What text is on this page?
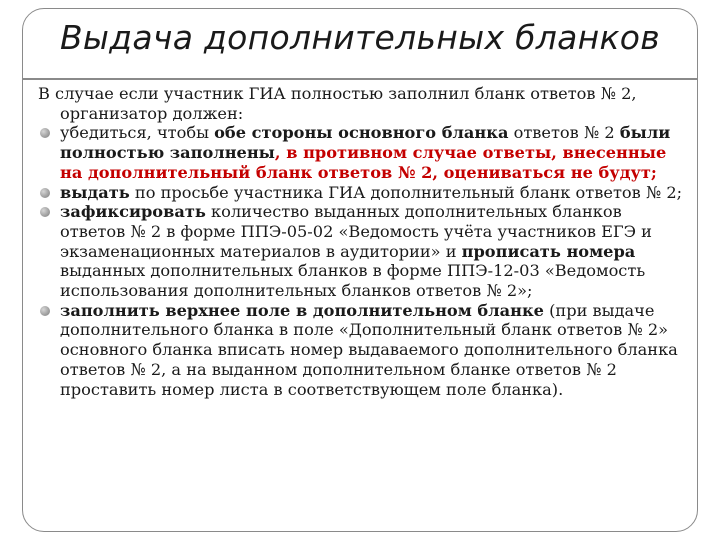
Выдача дополнительных бланков

В случае если участник ГИА полностью заполнил бланк ответов № 2, организатор должен:

убедиться, чтобы обе стороны основного бланка ответов № 2 были полностью заполнены, в противном случае ответы, внесенные на дополнительный бланк ответов № 2, оцениваться не будут;
выдать по просьбе участника ГИА дополнительный бланк ответов № 2;
зафиксировать количество выданных дополнительных бланков ответов № 2 в форме ППЭ-05-02 «Ведомость учёта участников ЕГЭ и экзаменационных материалов в аудитории» и прописать номера выданных дополнительных бланков в форме ППЭ-12-03 «Ведомость использования дополнительных бланков ответов № 2»;
заполнить верхнее поле в дополнительном бланке (при выдаче дополнительного бланка в поле «Дополнительный бланк ответов № 2» основного бланка вписать номер выдаваемого дополнительного бланка ответов № 2, а на выданном дополнительном бланке ответов № 2 проставить номер листа в соответствующем поле бланка).
